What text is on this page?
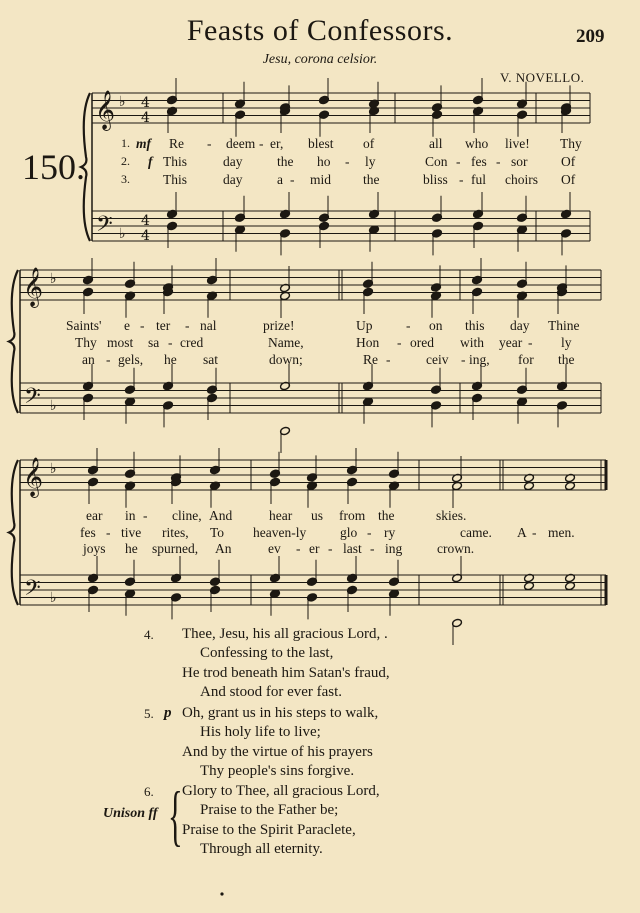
Feasts of Confessors.	209
Jesu, corona celsior.
V. NOVELLO.
150.
𝄞
𝄢
♭
♭
4
4
4
4
𝄞
𝄢
♭
♭
𝄞
𝄢
♭
♭
1. mf Re - deem - er, blest of	all who live! Thy
2. f This	day	the ho - ly	Con - fes - sor Of
3. This	day	a - mid the	bliss - ful choirs Of
Saints' e - ter - nal	prize!	Up - on this day Thine
Thy most sa - cred	Name,	Hon - ored with year - ly
an - gels, he sat	down;	Re -	ceiv - ing, for the
ear in - cline, And	hear us from the	skies.
fes - tive rites, To heaven-ly	glo - ry	came. A - men.
joys he spurned, An	ev - er - last - ing	crown.
4. Thee, Jesu, his all gracious Lord, .
Confessing to the last,
He trod beneath him Satan's fraud,
And stood for ever fast.
5. p Oh, grant us in his steps to walk,
His holy life to live;
And by the virtue of his prayers
Thy people's sins forgive.
6. Glory to Thee, all gracious Lord,
Praise to the Father be;
Praise to the Spirit Paraclete,
Through all eternity.
Unison ff {
